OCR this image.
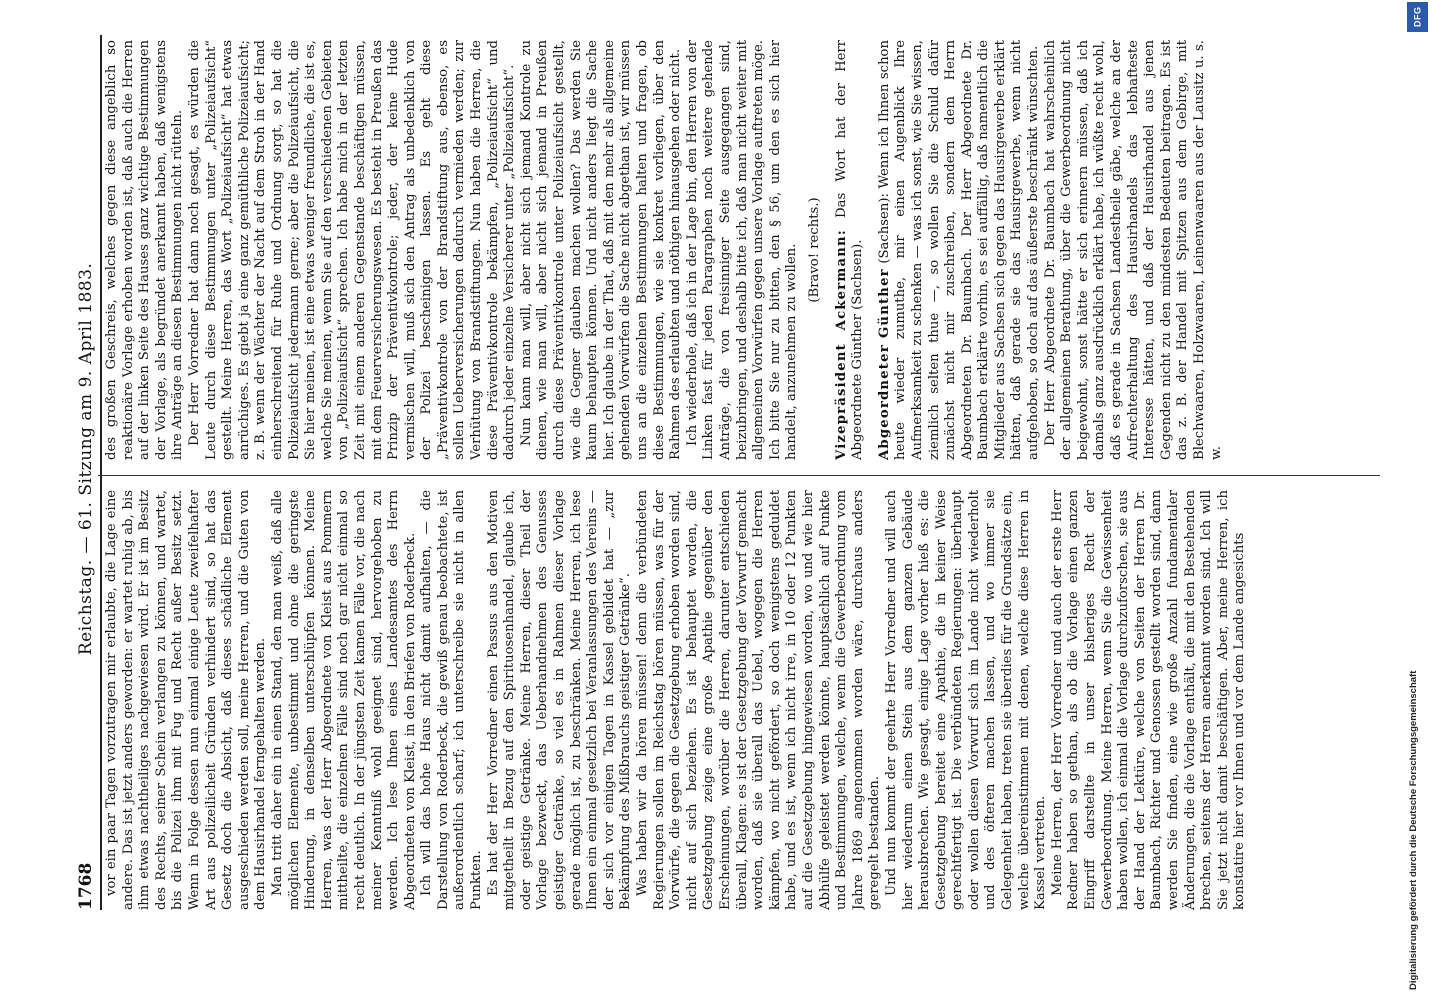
1768
Reichstag. — 61. Sitzung am 9. April 1883.

vor ein paar Tagen vorzutragen mir erlaubte, die Lage eine andere. Das ist jetzt anders geworden: er wartet ruhig ab, bis ihm etwas nachtheiliges nachgewiesen wird. Er ist im Besitz des Rechts, seiner Schein verlangen zu können, und wartet, bis die Polizei ihm mit Fug und Recht außer Besitz setzt. Wenn in Folge dessen nun einmal einige Leute zweifelhafter Art aus polizeilicheit Gründen verhindert sind, so hat das Gesetz doch die Absicht, daß dieses schädliche Element ausgeschieden werden soll, meine Herren, und die Guten von dem Hausirhandel ferngehalten werden. Man tritt daher ein in einen Stand, den man weiß, daß alle möglichen Elemente, unbestimmt und ohne die geringste Hinderung, in denselben unterschlüpfen können. Meine Herren, was der Herr Abgeordnete von Kleist aus Pommern mittheilte, die einzelnen Fälle sind noch gar nicht einmal so recht deutlich. In der jüngsten Zeit kamen Fälle vor, die nach meiner Kenntniß wohl geeignet sind, hervorgehoben zu werden. Ich lese Ihnen eines Landesamtes des Herrn Abgeordneten von Kleist, in den Briefen von Roderbeck. Ich will das hohe Haus nicht damit aufhalten, — die Darstellung von Roderbeck, die gewiß genau beobachtete, ist außerordentlich scharf; ich unterschreibe sie nicht in allen Punkten. Es hat der Herr Vorredner einen Passus aus den Motiven mitgetheilt in Bezug auf den Spirituosenhandel, glaube ich, oder geistige Getränke. Meine Herren, dieser Theil der Vorlage bezweckt, das Ueberhandnehmen des Genusses geistiger Getränke, so viel es in Rahmen dieser Vorlage gerade möglich ist, zu beschränken. Meine Herren, ich lese Ihnen ein einmal gesetzlich bei Veranlassungen des Vereins — der sich vor einigen Tagen in Kassel gebildet hat — „zur Bekämpfung des Mißbrauchs geistiger Getränke“. Was haben wir da hören müssen! denn die verbündeten Regierungen sollen im Reichstag hören müssen, was für der Vorwürfe, die gegen die Gesetzgebung erhoben worden sind, nicht auf sich beziehen. Es ist behauptet worden, die Gesetzgebung zeige eine große Apathie gegenüber den Erscheinungen, worüber die Herren, darunter entschieden überall, Klagen: es ist der Gesetzgebung der Vorwurf gemacht worden, daß sie überall das Uebel, wogegen die Herren kämpfen, wo nicht gefördert, so doch wenigstens geduldet habe, und es ist, wenn ich nicht irre, in 10 oder 12 Punkten auf die Gesetzgebung hingewiesen worden, wo und wie hier Abhülfe geleistet werden könnte, hauptsächlich auf Punkte und Bestimmungen, welche, wenn die Gewerbeordnung vom Jahre 1869 angenommen worden wäre, durchaus anders geregelt bestanden. Und nun kommt der geehrte Herr Vorredner und will auch hier wiederum einen Stein aus dem ganzen Gebäude herausbrechen. Wie gesagt, einige Lage vorher hieß es: die Gesetzgebung bereitet eine Apathie, die in keiner Weise gerechtfertigt ist. Die verbündeten Regierungen: überhaupt oder wollen diesen Vorwurf sich im Lande nicht wiederholt und des öfteren machen lassen, und wo immer sie Gelegenheit haben, treten sie überdies für die Grundsätze ein, welche übereinstimmen mit denen, welche diese Herren in Kassel vertreten. Meine Herren, der Herr Vorredner und auch der erste Herr Redner haben so gethan, als ob die Vorlage einen ganzen Eingriff darstellte in unser bisheriges Recht der Gewerbeordnung. Meine Herren, wenn Sie die Gewissenheit haben wollen, ich einmal die Vorlage durchzuforschen, sie aus der Hand der Lektüre, welche von Seiten der Herren Dr. Baumbach, Richter und Genossen gestellt worden sind, dann werden Sie finden, eine wie große Anzahl fundamentaler Änderungen, die die Vorlage enthält, die mit den Bestehenden brechen, seitens der Herren anerkannt worden sind. Ich will Sie jetzt nicht damit beschäftigen. Aber, meine Herren, ich konstatire hier vor Ihnen und vor dem Lande angesichts

des großen Geschreis, welches gegen diese angeblich so reaktionäre Vorlage erhoben worden ist, daß auch die Herren auf der linken Seite des Hauses ganz wichtige Bestimmungen der Vorlage, als begründet anerkannt haben, daß wenigstens ihre Anträge an diesen Bestimmungen nicht rütteln. Der Herr Vorredner hat dann noch gesagt, es würden die Leute durch diese Bestimmungen unter „Polizeiaufsicht“ gestellt. Meine Herren, das Wort „Polizeiaufsicht“ hat etwas anrüchiges. Es giebt ja eine ganz gemüthliche Polizeiaufsicht; z. B. wenn der Wächter der Nacht auf dem Stroh in der Hand einherschreitend für Ruhe und Ordnung sorgt, so hat die Polizeiaufsicht jedermann gerne; aber die Polizeiaufsicht, die Sie hier meinen, ist eine etwas weniger freundliche, die ist es, welche Sie meinen, wenn Sie auf den verschiedenen Gebieten von „Polizeiaufsicht“ sprechen. Ich habe mich in der letzten Zeit mit einem anderen Gegenstande beschäftigen müssen, mit dem Feuerversicherungswesen. Es besteht in Preußen das Prinzip der Präventivkontrole; jeder, der keine Hude vermischen will, muß sich den Antrag als unbedenklich von der Polizei bescheinigen lassen. Es geht diese „Präventivkontrole von der Brandstiftung aus, ebenso, es sollen Ueberversicherungen dadurch vermieden werden; zur Verhütung von Brandstiftungen. Nun haben die Herren, die diese Präventivkontrole bekämpfen, „Polizeiaufsicht“ und dadurch jeder einzelne Versicherer unter „Polizeiaufsicht“. Nun kann man will, aber nicht sich jemand Kontrole zu dienen, wie man will, aber nicht sich jemand in Preußen durch diese Präventivkontrole unter Polizeiaufsicht gestellt, wie die Gegner glauben machen wollen? Das werden Sie kaum behaupten können. Und nicht anders liegt die Sache hier. Ich glaube in der That, daß mit den mehr als allgemeine gehenden Vorwürfen die Sache nicht abgethan ist, wir müssen uns an die einzelnen Bestimmungen halten und fragen, ob diese Bestimmungen, wie sie konkret vorliegen, über den Rahmen des erlaubten und nöthigen hinausgehen oder nicht. Ich wiederhole, daß ich in der Lage bin, den Herren von der Linken fast für jeden Paragraphen noch weitere gehende Anträge, die von freisinniger Seite ausgegangen sind, beizubringen, und deshalb bitte ich, daß man nicht weiter mit allgemeinen Vorwürfen gegen unsere Vorlage auftreten möge. Ich bitte Sie nur zu bitten, den § 56, um den es sich hier handelt, anzunehmen zu wollen. (Bravo! rechts.) Vizepräsident Ackermann: Das Wort hat der Herr Abgeordnete Günther (Sachsen). Abgeordneter Günther (Sachsen): Wenn ich Ihnen schon heute wieder zumuthe, mir einen Augenblick Ihre Aufmerksamkeit zu schenken — was ich sonst, wie Sie wissen, ziemlich selten thue —, so wollen Sie die Schuld dafür zunächst nicht mir zuschreiben, sondern dem Herrn Abgeordneten Dr. Baumbach. Der Herr Abgeordnete Dr. Baumbach erklärte vorhin, es sei auffällig, daß namentlich die Mitglieder aus Sachsen sich gegen das Hausirgewerbe erklärt hätten, daß gerade sie das Hausirgewerbe, wenn nicht aufgehoben, so doch auf das äußerste beschränkt wünschten. Der Herr Abgeordnete Dr. Baumbach hat wahrscheinlich der allgemeinen Berathung, über die Gewerbeordnung nicht beigewohnt, sonst hätte er sich erinnern müssen, daß ich damals ganz ausdrücklich erklärt habe, ich wüßte recht wohl, daß es gerade in Sachsen Landestheile gäbe, welche an der Aufrechterhaltung des Hausirhandels das lebhafteste Interesse hätten, und daß der Hausirhandel aus jenen Gegenden nicht zu den mindesten Bedeuten beitragen. Es ist das z. B. der Handel mit Spitzen aus dem Gebirge, mit Blechwaaren, Holzwaaren, Leinenwaaren aus der Lausitz u. s. w.

DFG
Digitalisierung gefördert durch die Deutsche Forschungsgemeinschaft
